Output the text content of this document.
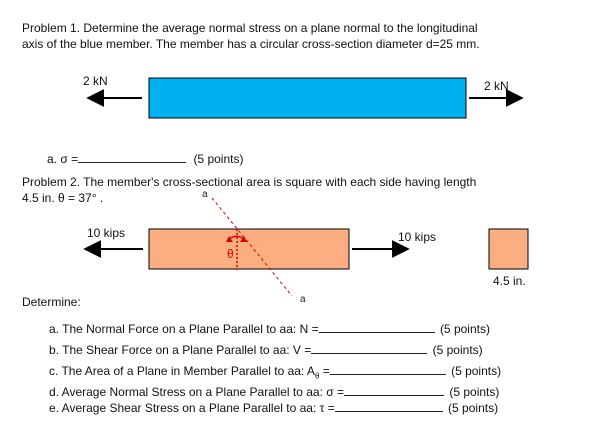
Problem 1. Determine the average normal stress on a plane normal to the longitudinal
axis of the blue member. The member has a circular cross-section diameter d=25 mm.
2 kN	2 kN
a. σ =	(5 points)
Problem 2. The member's cross-sectional area is square with each side having length
4.5 in. θ = 37° .	a
a
θ
10 kips	10 kips
4.5 in.
Determine:
a. The Normal Force on a Plane Parallel to aa: N =	(5 points)
b. The Shear Force on a Plane Parallel to aa: V =	(5 points)
c. The Area of a Plane in Member Parallel to aa: $A_\theta$ =	(5 points)
d. Average Normal Stress on a Plane Parallel to aa: σ =	(5 points)
e. Average Shear Stress on a Plane Parallel to aa: τ =	(5 points)
